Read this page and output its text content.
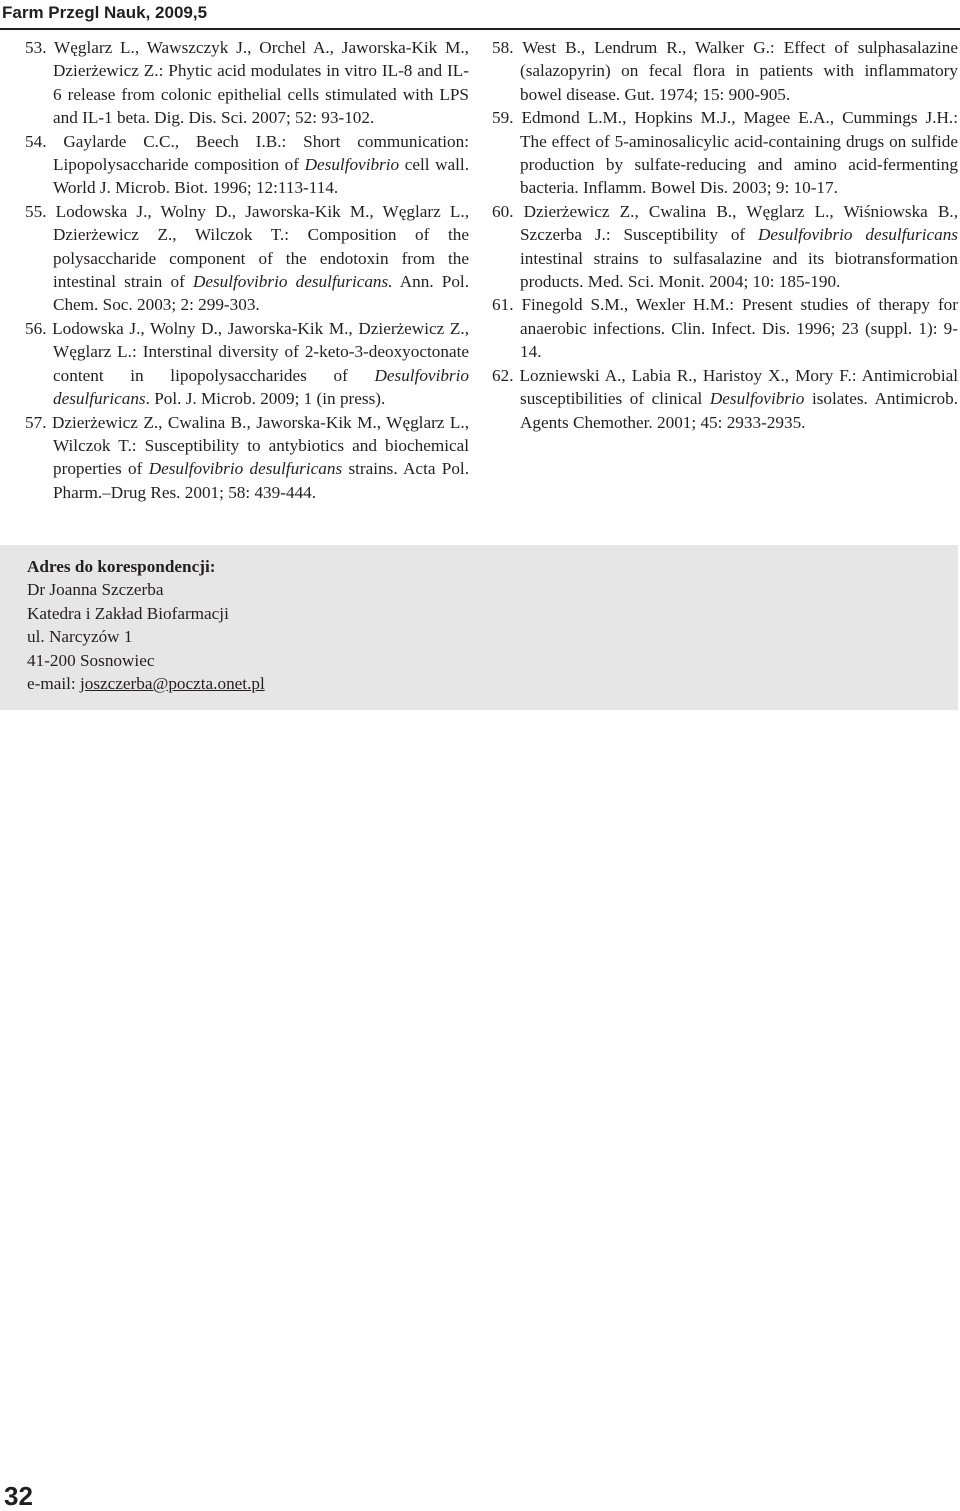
Farm Przegl Nauk, 2009,5

53. Węglarz L., Wawszczyk J., Orchel A., Jaworska-Kik M., Dzierżewicz Z.: Phytic acid modulates in vitro IL-8 and IL-6 release from colonic epithelial cells stimulated with LPS and IL-1 beta. Dig. Dis. Sci. 2007; 52: 93-102.

54. Gaylarde C.C., Beech I.B.: Short communication: Lipopolysaccharide composition of Desulfovibrio cell wall. World J. Microb. Biot. 1996; 12:113-114.

55. Lodowska J., Wolny D., Jaworska-Kik M., Węglarz L., Dzierżewicz Z., Wilczok T.: Composition of the polysaccharide component of the endotoxin from the intestinal strain of Desulfovibrio desulfuricans. Ann. Pol. Chem. Soc. 2003; 2: 299-303.

56. Lodowska J., Wolny D., Jaworska-Kik M., Dzierżewicz Z., Węglarz L.: Interstinal diversity of 2-keto-3-deoxyoctonate content in lipopolysaccharides of Desulfovibrio desulfuricans. Pol. J. Microb. 2009; 1 (in press).

57. Dzierżewicz Z., Cwalina B., Jaworska-Kik M., Węglarz L., Wilczok T.: Susceptibility to antybiotics and biochemical properties of Desulfovibrio desulfuricans strains. Acta Pol. Pharm.–Drug Res. 2001; 58: 439-444.

58. West B., Lendrum R., Walker G.: Effect of sulphasalazine (salazopyrin) on fecal flora in patients with inflammatory bowel disease. Gut. 1974; 15: 900-905.

59. Edmond L.M., Hopkins M.J., Magee E.A., Cummings J.H.: The effect of 5-aminosalicylic acid-containing drugs on sulfide production by sulfate-reducing and amino acid-fermenting bacteria. Inflamm. Bowel Dis. 2003; 9: 10-17.

60. Dzierżewicz Z., Cwalina B., Węglarz L., Wiśniowska B., Szczerba J.: Susceptibility of Desulfovibrio desulfuricans intestinal strains to sulfasalazine and its biotransformation products. Med. Sci. Monit. 2004; 10: 185-190.

61. Finegold S.M., Wexler H.M.: Present studies of therapy for anaerobic infections. Clin. Infect. Dis. 1996; 23 (suppl. 1): 9-14.

62. Lozniewski A., Labia R., Haristoy X., Mory F.: Antimicrobial susceptibilities of clinical Desulfovibrio isolates. Antimicrob. Agents Chemother. 2001; 45: 2933-2935.

Adres do korespondencji:
Dr Joanna Szczerba
Katedra i Zakład Biofarmacji
ul. Narcyzów 1
41-200 Sosnowiec
e-mail: joszczerba@poczta.onet.pl
32
